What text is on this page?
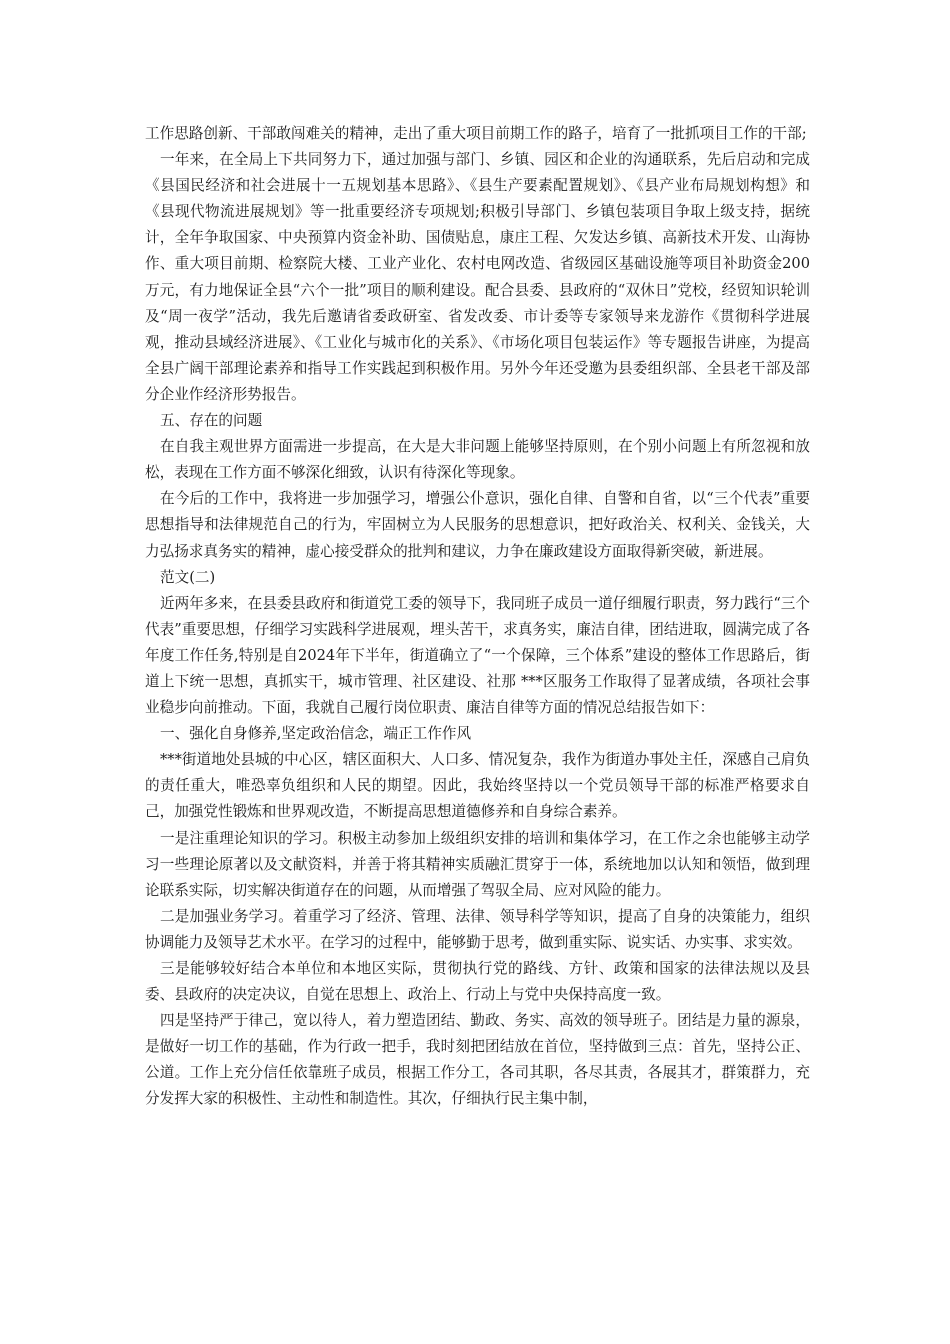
工作思路创新、干部敢闯难关的精神，走出了重大项目前期工作的路子，培育了一批抓项目工作的干部;

一年来，在全局上下共同努力下，通过加强与部门、乡镇、园区和企业的沟通联系，先后启动和完成《县国民经济和社会进展十一五规划基本思路》、《县生产要素配置规划》、《县产业布局规划构想》和《县现代物流进展规划》等一批重要经济专项规划;积极引导部门、乡镇包装项目争取上级支持，据统计，全年争取国家、中央预算内资金补助、国债贴息，康庄工程、欠发达乡镇、高新技术开发、山海协作、重大项目前期、检察院大楼、工业产业化、农村电网改造、省级园区基础设施等项目补助资金200万元，有力地保证全县“六个一批”项目的顺利建设。配合县委、县政府的“双休日”党校，经贸知识轮训及“周一夜学”活动，我先后邀请省委政研室、省发改委、市计委等专家领导来龙游作《贯彻科学进展观，推动县域经济进展》、《工业化与城市化的关系》、《市场化项目包装运作》等专题报告讲座，为提高全县广阔干部理论素养和指导工作实践起到积极作用。另外今年还受邀为县委组织部、全县老干部及部分企业作经济形势报告。

五、存在的问题

在自我主观世界方面需进一步提高，在大是大非问题上能够坚持原则，在个别小问题上有所忽视和放松，表现在工作方面不够深化细致，认识有待深化等现象。

在今后的工作中，我将进一步加强学习，增强公仆意识，强化自律、自警和自省，以“三个代表”重要思想指导和法律规范自己的行为，牢固树立为人民服务的思想意识，把好政治关、权利关、金钱关，大力弘扬求真务实的精神，虚心接受群众的批判和建议，力争在廉政建设方面取得新突破，新进展。

范文(二)

近两年多来，在县委县政府和街道党工委的领导下，我同班子成员一道仔细履行职责，努力践行“三个代表”重要思想，仔细学习实践科学进展观，埋头苦干，求真务实，廉洁自律，团结进取，圆满完成了各年度工作任务,特别是自2024年下半年，街道确立了“一个保障，三个体系”建设的整体工作思路后，街道上下统一思想，真抓实干，城市管理、社区建设、社那 ***区服务工作取得了显著成绩，各项社会事业稳步向前推动。下面，我就自己履行岗位职责、廉洁自律等方面的情况总结报告如下：

一、强化自身修养,坚定政治信念，端正工作作风

***街道地处县城的中心区，辖区面积大、人口多、情况复杂，我作为街道办事处主任，深感自己肩负的责任重大，唯恐辜负组织和人民的期望。因此，我始终坚持以一个党员领导干部的标准严格要求自己，加强党性锻炼和世界观改造，不断提高思想道德修养和自身综合素养。

一是注重理论知识的学习。积极主动参加上级组织安排的培训和集体学习，在工作之余也能够主动学习一些理论原著以及文献资料，并善于将其精神实质融汇贯穿于一体，系统地加以认知和领悟，做到理论联系实际，切实解决街道存在的问题，从而增强了驾驭全局、应对风险的能力。

二是加强业务学习。着重学习了经济、管理、法律、领导科学等知识，提高了自身的决策能力，组织协调能力及领导艺术水平。在学习的过程中，能够勤于思考，做到重实际、说实话、办实事、求实效。

三是能够较好结合本单位和本地区实际，贯彻执行党的路线、方针、政策和国家的法律法规以及县委、县政府的决定决议，自觉在思想上、政治上、行动上与党中央保持高度一致。

四是坚持严于律己，宽以待人，着力塑造团结、勤政、务实、高效的领导班子。团结是力量的源泉，是做好一切工作的基础，作为行政一把手，我时刻把团结放在首位，坚持做到三点：首先，坚持公正、公道。工作上充分信任依靠班子成员，根据工作分工，各司其职，各尽其责，各展其才，群策群力，充分发挥大家的积极性、主动性和制造性。其次，仔细执行民主集中制，
